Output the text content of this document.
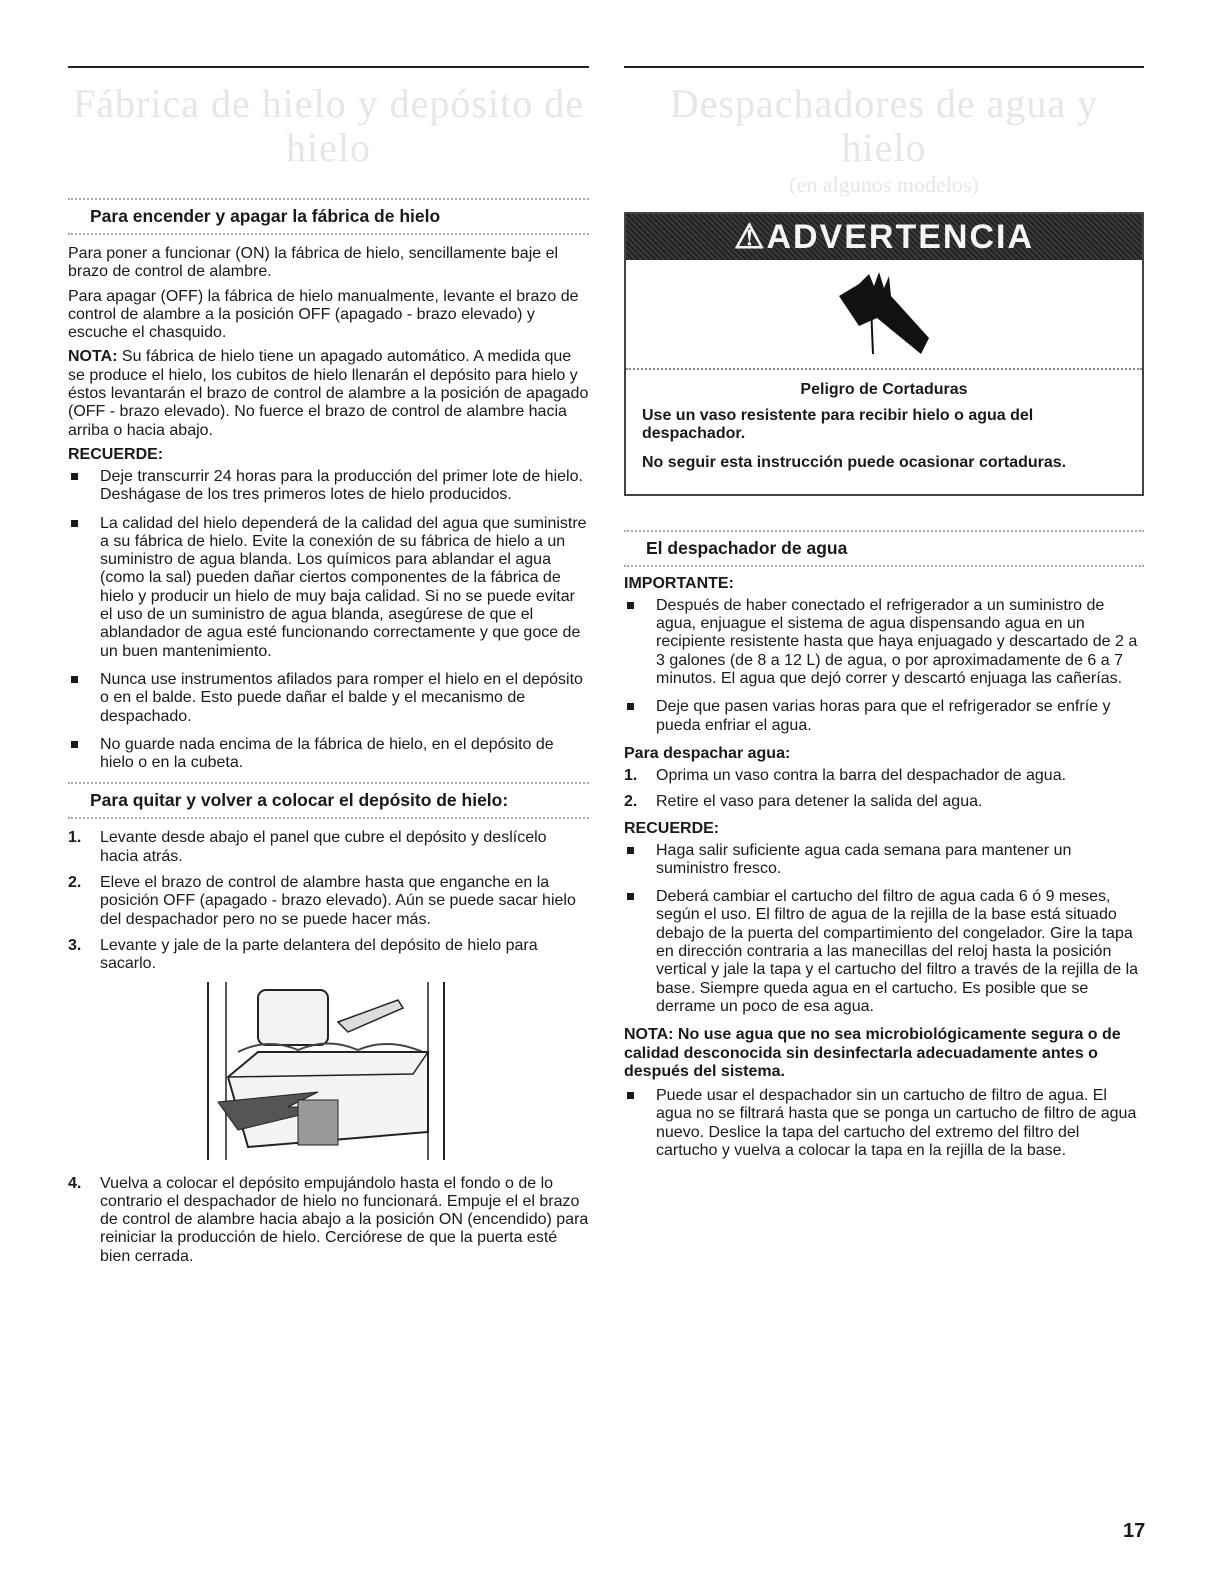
Fábrica de hielo y depósito de hielo
Para encender y apagar la fábrica de hielo

Para poner a funcionar (ON) la fábrica de hielo, sencillamente baje el brazo de control de alambre.

Para apagar (OFF) la fábrica de hielo manualmente, levante el brazo de control de alambre a la posición OFF (apagado - brazo elevado) y escuche el chasquido.

NOTA: Su fábrica de hielo tiene un apagado automático. A medida que se produce el hielo, los cubitos de hielo llenarán el depósito para hielo y éstos levantarán el brazo de control de alambre a la posición de apagado (OFF - brazo elevado). No fuerce el brazo de control de alambre hacia arriba o hacia abajo.

RECUERDE:
Deje transcurrir 24 horas para la producción del primer lote de hielo. Deshágase de los tres primeros lotes de hielo producidos.
La calidad del hielo dependerá de la calidad del agua que suministre a su fábrica de hielo. Evite la conexión de su fábrica de hielo a un suministro de agua blanda. Los químicos para ablandar el agua (como la sal) pueden dañar ciertos componentes de la fábrica de hielo y producir un hielo de muy baja calidad. Si no se puede evitar el uso de un suministro de agua blanda, asegúrese de que el ablandador de agua esté funcionando correctamente y que goce de un buen mantenimiento.
Nunca use instrumentos afilados para romper el hielo en el depósito o en el balde. Esto puede dañar el balde y el mecanismo de despachado.
No guarde nada encima de la fábrica de hielo, en el depósito de hielo o en la cubeta.
Para quitar y volver a colocar el depósito de hielo:
1. Levante desde abajo el panel que cubre el depósito y deslícelo hacia atrás.
2. Eleve el brazo de control de alambre hasta que enganche en la posición OFF (apagado - brazo elevado). Aún se puede sacar hielo del despachador pero no se puede hacer más.
3. Levante y jale de la parte delantera del depósito de hielo para sacarlo.
4. Vuelva a colocar el depósito empujándolo hasta el fondo o de lo contrario el despachador de hielo no funcionará. Empuje el el brazo de control de alambre hacia abajo a la posición ON (encendido) para reiniciar la producción de hielo. Cerciórese de que la puerta esté bien cerrada.
Despachadores de agua y hielo
(en algunos modelos)
⚠ ADVERTENCIA
Peligro de Cortaduras

Use un vaso resistente para recibir hielo o agua del despachador.

No seguir esta instrucción puede ocasionar cortaduras.

El despachador de agua
IMPORTANTE:
Después de haber conectado el refrigerador a un suministro de agua, enjuague el sistema de agua dispensando agua en un recipiente resistente hasta que haya enjuagado y descartado de 2 a 3 galones (de 8 a 12 L) de agua, o por aproximadamente de 6 a 7 minutos. El agua que dejó correr y descartó enjuaga las cañerías.
Deje que pasen varias horas para que el refrigerador se enfríe y pueda enfriar el agua.
Para despachar agua:
1. Oprima un vaso contra la barra del despachador de agua.
2. Retire el vaso para detener la salida del agua.
RECUERDE:
Haga salir suficiente agua cada semana para mantener un suministro fresco.
Deberá cambiar el cartucho del filtro de agua cada 6 ó 9 meses, según el uso. El filtro de agua de la rejilla de la base está situado debajo de la puerta del compartimiento del congelador. Gire la tapa en dirección contraria a las manecillas del reloj hasta la posición vertical y jale la tapa y el cartucho del filtro a través de la rejilla de la base. Siempre queda agua en el cartucho. Es posible que se derrame un poco de esa agua.

NOTA: No use agua que no sea microbiológicamente segura o de calidad desconocida sin desinfectarla adecuadamente antes o después del sistema.

Puede usar el despachador sin un cartucho de filtro de agua. El agua no se filtrará hasta que se ponga un cartucho de filtro de agua nuevo. Deslice la tapa del cartucho del extremo del filtro del cartucho y vuelva a colocar la tapa en la rejilla de la base.
17
